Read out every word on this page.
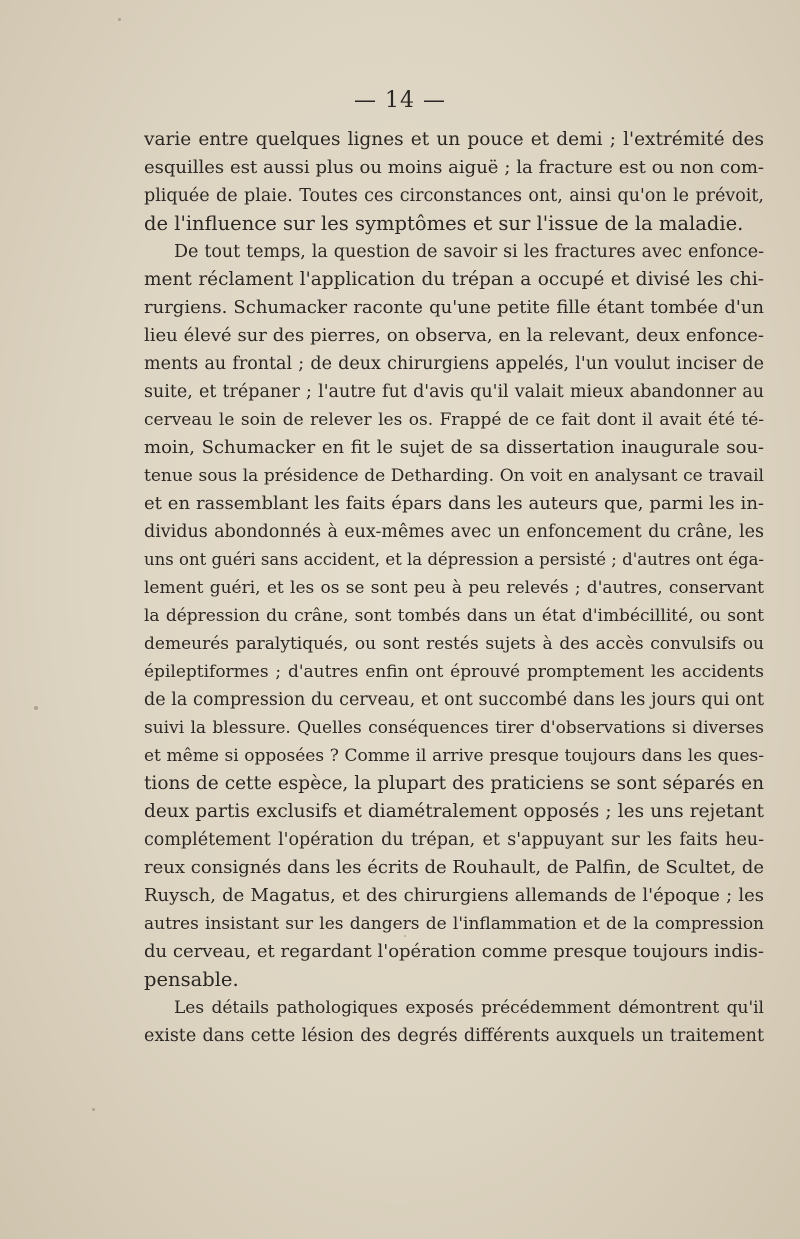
— 14 —
varie entre quelques lignes et un pouce et demi ; l'extrémité des
esquilles est aussi plus ou moins aiguë ; la fracture est ou non com-
pliquée de plaie. Toutes ces circonstances ont, ainsi qu'on le prévoit,
de l'influence sur les symptômes et sur l'issue de la maladie.
De tout temps, la question de savoir si les fractures avec enfonce-
ment réclament l'application du trépan a occupé et divisé les chi-
rurgiens. Schumacker raconte qu'une petite fille étant tombée d'un
lieu élevé sur des pierres, on observa, en la relevant, deux enfonce-
ments au frontal ; de deux chirurgiens appelés, l'un voulut inciser de
suite, et trépaner ; l'autre fut d'avis qu'il valait mieux abandonner au
cerveau le soin de relever les os. Frappé de ce fait dont il avait été té-
moin, Schumacker en fit le sujet de sa dissertation inaugurale sou-
tenue sous la présidence de Detharding. On voit en analysant ce travail
et en rassemblant les faits épars dans les auteurs que, parmi les in-
dividus abondonnés à eux-mêmes avec un enfoncement du crâne, les
uns ont guéri sans accident, et la dépression a persisté ; d'autres ont éga-
lement guéri, et les os se sont peu à peu relevés ; d'autres, conservant
la dépression du crâne, sont tombés dans un état d'imbécillité, ou sont
demeurés paralytiqués, ou sont restés sujets à des accès convulsifs ou
épileptiformes ; d'autres enfin ont éprouvé promptement les accidents
de la compression du cerveau, et ont succombé dans les jours qui ont
suivi la blessure. Quelles conséquences tirer d'observations si diverses
et même si opposées ? Comme il arrive presque toujours dans les ques-
tions de cette espèce, la plupart des praticiens se sont séparés en
deux partis exclusifs et diamétralement opposés ; les uns rejetant
complétement l'opération du trépan, et s'appuyant sur les faits heu-
reux consignés dans les écrits de Rouhault, de Palfin, de Scultet, de
Ruysch, de Magatus, et des chirurgiens allemands de l'époque ; les
autres insistant sur les dangers de l'inflammation et de la compression
du cerveau, et regardant l'opération comme presque toujours indis-
pensable.
Les détails pathologiques exposés précédemment démontrent qu'il
existe dans cette lésion des degrés différents auxquels un traitement
